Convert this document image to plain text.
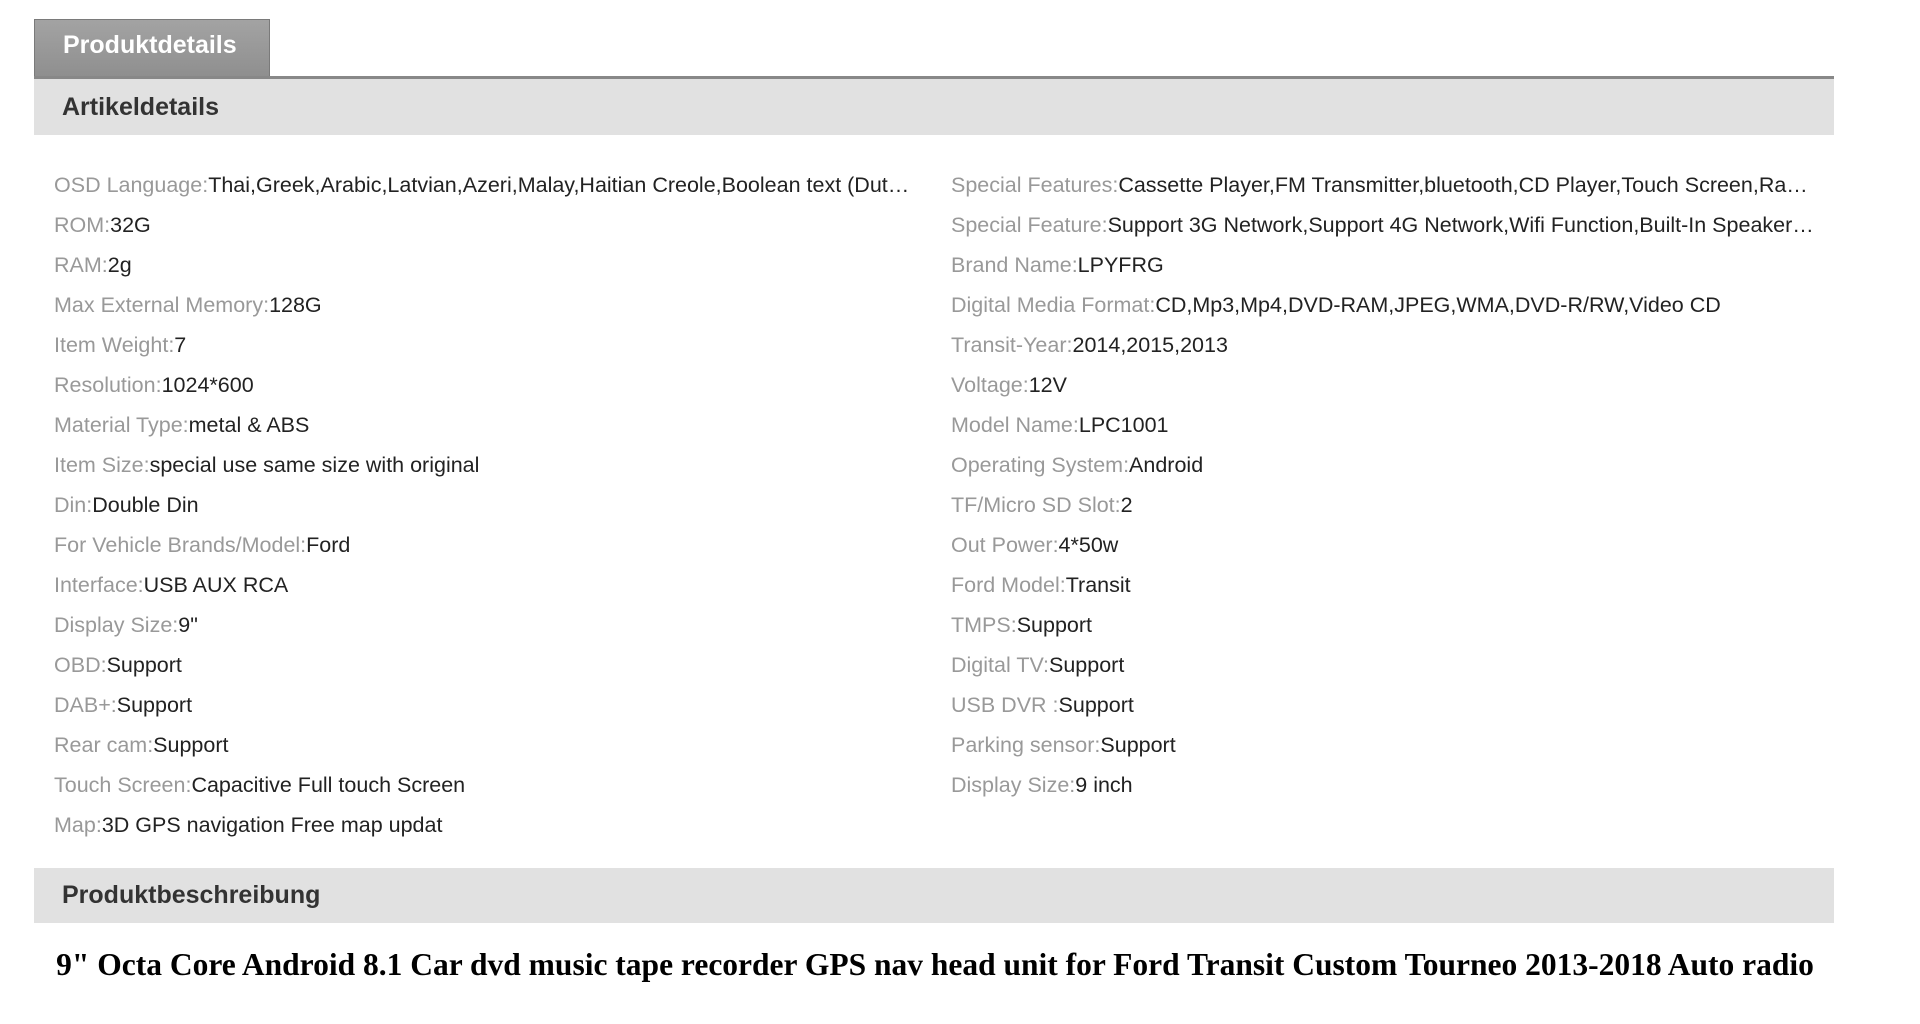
Produktdetails
Artikeldetails
OSD Language:Thai,Greek,Arabic,Latvian,Azeri,Malay,Haitian Creole,Boolean text (Dut…
ROM:32G
RAM:2g
Max External Memory:128G
Item Weight:7
Resolution:1024*600
Material Type:metal & ABS
Item Size:special use same size with original
Din:Double Din
For Vehicle Brands/Model:Ford
Interface:USB AUX RCA
Display Size:9"
OBD:Support
DAB+:Support
Rear cam:Support
Touch Screen:Capacitive Full touch Screen
Map:3D GPS navigation Free map updat
Special Features:Cassette Player,FM Transmitter,bluetooth,CD Player,Touch Screen,Ra…
Special Feature:Support 3G Network,Support 4G Network,Wifi Function,Built-In Speaker…
Brand Name:LPYFRG
Digital Media Format:CD,Mp3,Mp4,DVD-RAM,JPEG,WMA,DVD-R/RW,Video CD
Transit-Year:2014,2015,2013
Voltage:12V
Model Name:LPC1001
Operating System:Android
TF/Micro SD Slot:2
Out Power:4*50w
Ford Model:Transit
TMPS:Support
Digital TV:Support
USB DVR :Support
Parking sensor:Support
Display Size:9 inch
Produktbeschreibung
9" Octa Core Android 8.1 Car dvd music tape recorder GPS nav head unit for Ford Transit Custom Tourneo 2013-2018 Auto radio
